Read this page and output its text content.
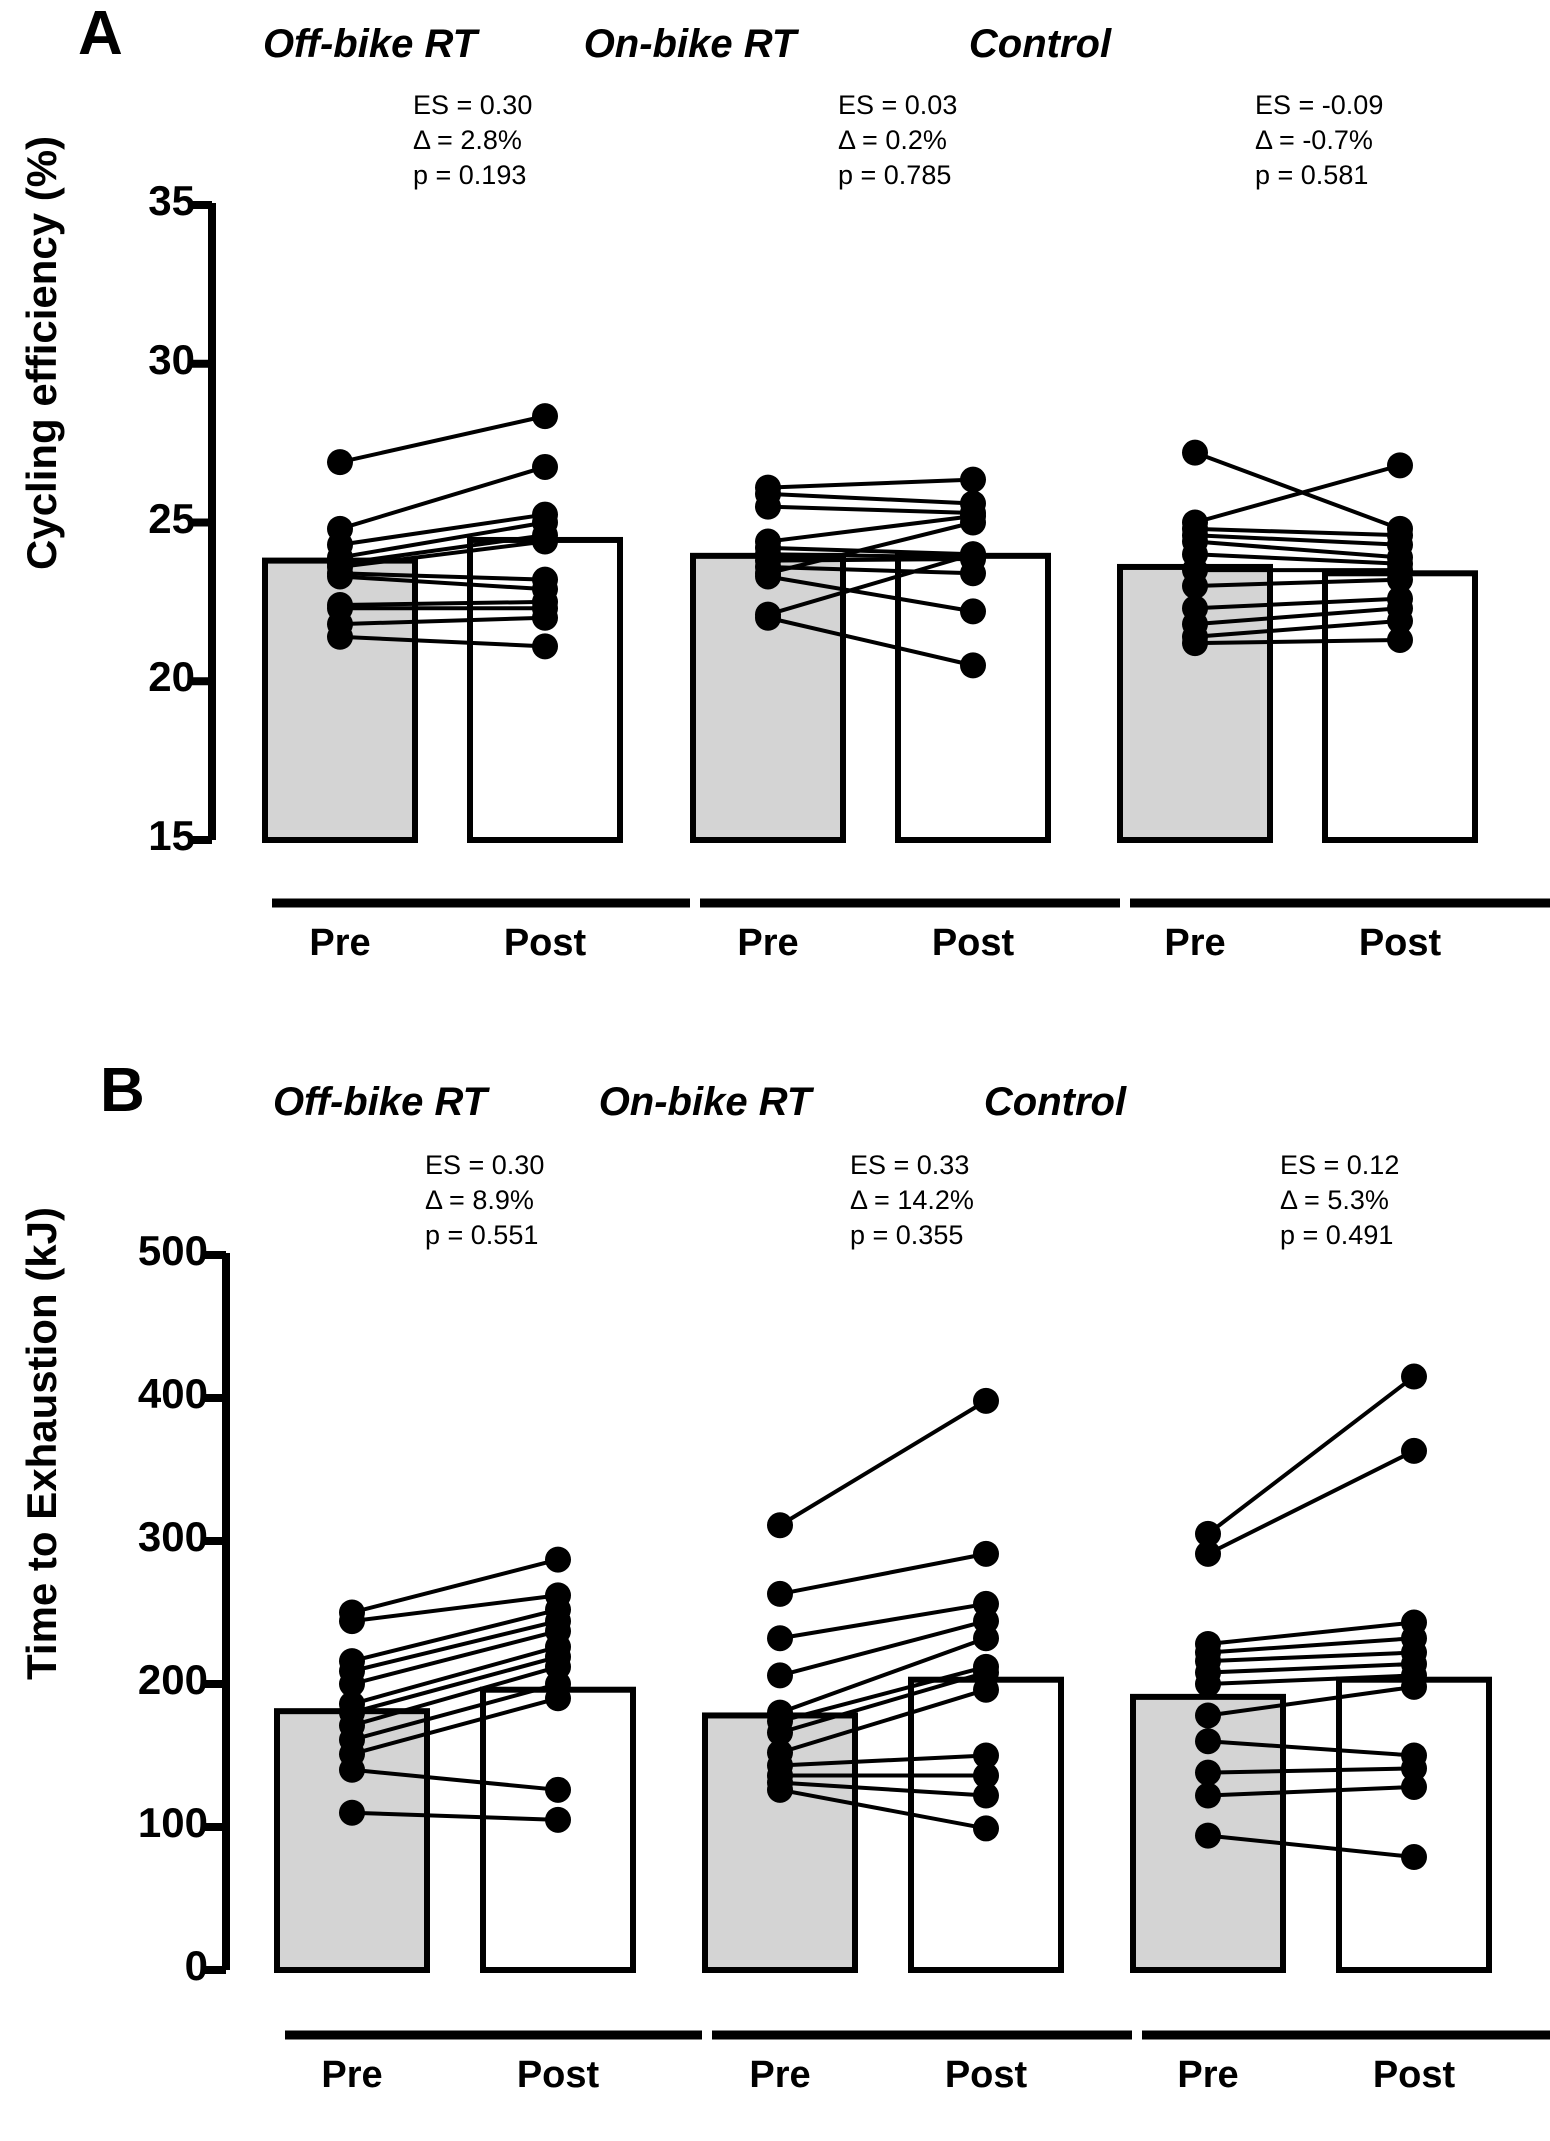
A
Cycling efficiency (%)
Off-bike RT	On-bike RT	Control
ES = 0.30
Δ = 2.8%
p = 0.193
ES = 0.03
Δ = 0.2%
p = 0.785
ES = -0.09
Δ = -0.7%
p = 0.581
15
20
25
30
35
Pre	Post	Pre	Post	Pre	Post
B
Time to Exhaustion (kJ)
Off-bike RT	On-bike RT	Control
ES = 0.30
Δ = 8.9%
p = 0.551
ES = 0.33
Δ = 14.2%
p = 0.355
ES = 0.12
Δ = 5.3%
p = 0.491
0
100
200
300
400
500
Pre	Post	Pre	Post	Pre	Post
